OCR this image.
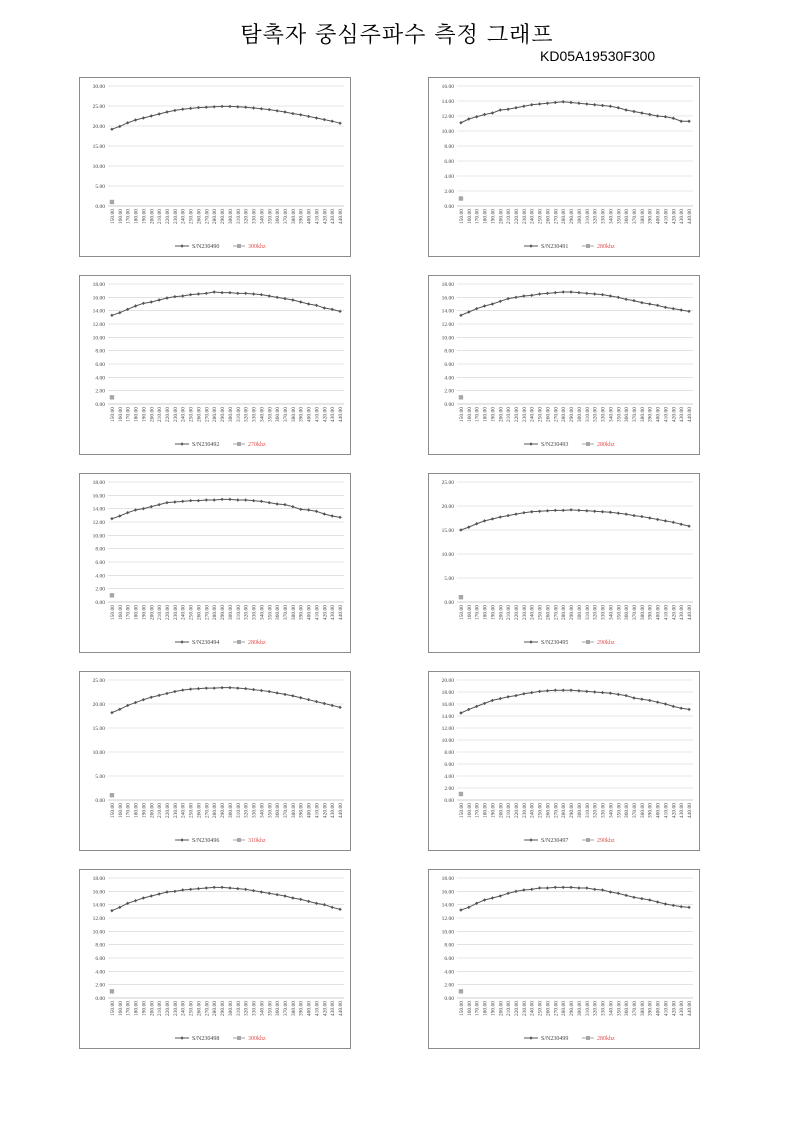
탐촉자 중심주파수 측정 그래프
KD05A19530F300
0.00
5.00
10.00
15.00
20.00
25.00
30.00
150.00 160.00 170.00 180.00 190.00 200.00 210.00 220.00 230.00 240.00 250.00 260.00 270.00 280.00 290.00 300.00 310.00 320.00 330.00 340.00 350.00 360.00 370.00 380.00 390.00 400.00 410.00 420.00 430.00 440.00
S/N230490	300khz
0.00
2.00
4.00
6.00
8.00
10.00
12.00
14.00
16.00
150.00 160.00 170.00 180.00 190.00 200.00 210.00 220.00 230.00 240.00 250.00 260.00 270.00 280.00 290.00 300.00 310.00 320.00 330.00 340.00 350.00 360.00 370.00 380.00 390.00 400.00 410.00 420.00 430.00 440.00
S/N230491	280khz
0.00
2.00
4.00
6.00
8.00
10.00
12.00
14.00
16.00
18.00
150.00 160.00 170.00 180.00 190.00 200.00 210.00 220.00 230.00 240.00 250.00 260.00 270.00 280.00 290.00 300.00 310.00 320.00 330.00 340.00 350.00 360.00 370.00 380.00 390.00 400.00 410.00 420.00 430.00 440.00
S/N230492	270khz
0.00
2.00
4.00
6.00
8.00
10.00
12.00
14.00
16.00
18.00
150.00 160.00 170.00 180.00 190.00 200.00 210.00 220.00 230.00 240.00 250.00 260.00 270.00 280.00 290.00 300.00 310.00 320.00 330.00 340.00 350.00 360.00 370.00 380.00 390.00 400.00 410.00 420.00 430.00 440.00
S/N230493	280khz
0.00
2.00
4.00
6.00
8.00
10.00
12.00
14.00
16.00
18.00
150.00 160.00 170.00 180.00 190.00 200.00 210.00 220.00 230.00 240.00 250.00 260.00 270.00 280.00 290.00 300.00 310.00 320.00 330.00 340.00 350.00 360.00 370.00 380.00 390.00 400.00 410.00 420.00 430.00 440.00
S/N230494	280khz
0.00
5.00
10.00
15.00
20.00
25.00
150.00 160.00 170.00 180.00 190.00 200.00 210.00 220.00 230.00 240.00 250.00 260.00 270.00 280.00 290.00 300.00 310.00 320.00 330.00 340.00 350.00 360.00 370.00 380.00 390.00 400.00 410.00 420.00 430.00 440.00
S/N230495	290khz
0.00
5.00
10.00
15.00
20.00
25.00
150.00 160.00 170.00 180.00 190.00 200.00 210.00 220.00 230.00 240.00 250.00 260.00 270.00 280.00 290.00 300.00 310.00 320.00 330.00 340.00 350.00 360.00 370.00 380.00 390.00 400.00 410.00 420.00 430.00 440.00
S/N230496	310khz
0.00
2.00
4.00
6.00
8.00
10.00
12.00
14.00
16.00
18.00
20.00
150.00 160.00 170.00 180.00 190.00 200.00 210.00 220.00 230.00 240.00 250.00 260.00 270.00 280.00 290.00 300.00 310.00 320.00 330.00 340.00 350.00 360.00 370.00 380.00 390.00 400.00 410.00 420.00 430.00 440.00
S/N230497	290khz
0.00
2.00
4.00
6.00
8.00
10.00
12.00
14.00
16.00
18.00
150.00 160.00 170.00 180.00 190.00 200.00 210.00 220.00 230.00 240.00 250.00 260.00 270.00 280.00 290.00 300.00 310.00 320.00 330.00 340.00 350.00 360.00 370.00 380.00 390.00 400.00 410.00 420.00 430.00 440.00
S/N230498	300khz
0.00
2.00
4.00
6.00
8.00
10.00
12.00
14.00
16.00
18.00
150.00 160.00 170.00 180.00 190.00 200.00 210.00 220.00 230.00 240.00 250.00 260.00 270.00 280.00 290.00 300.00 310.00 320.00 330.00 340.00 350.00 360.00 370.00 380.00 390.00 400.00 410.00 420.00 430.00 440.00
S/N230499	280khz
